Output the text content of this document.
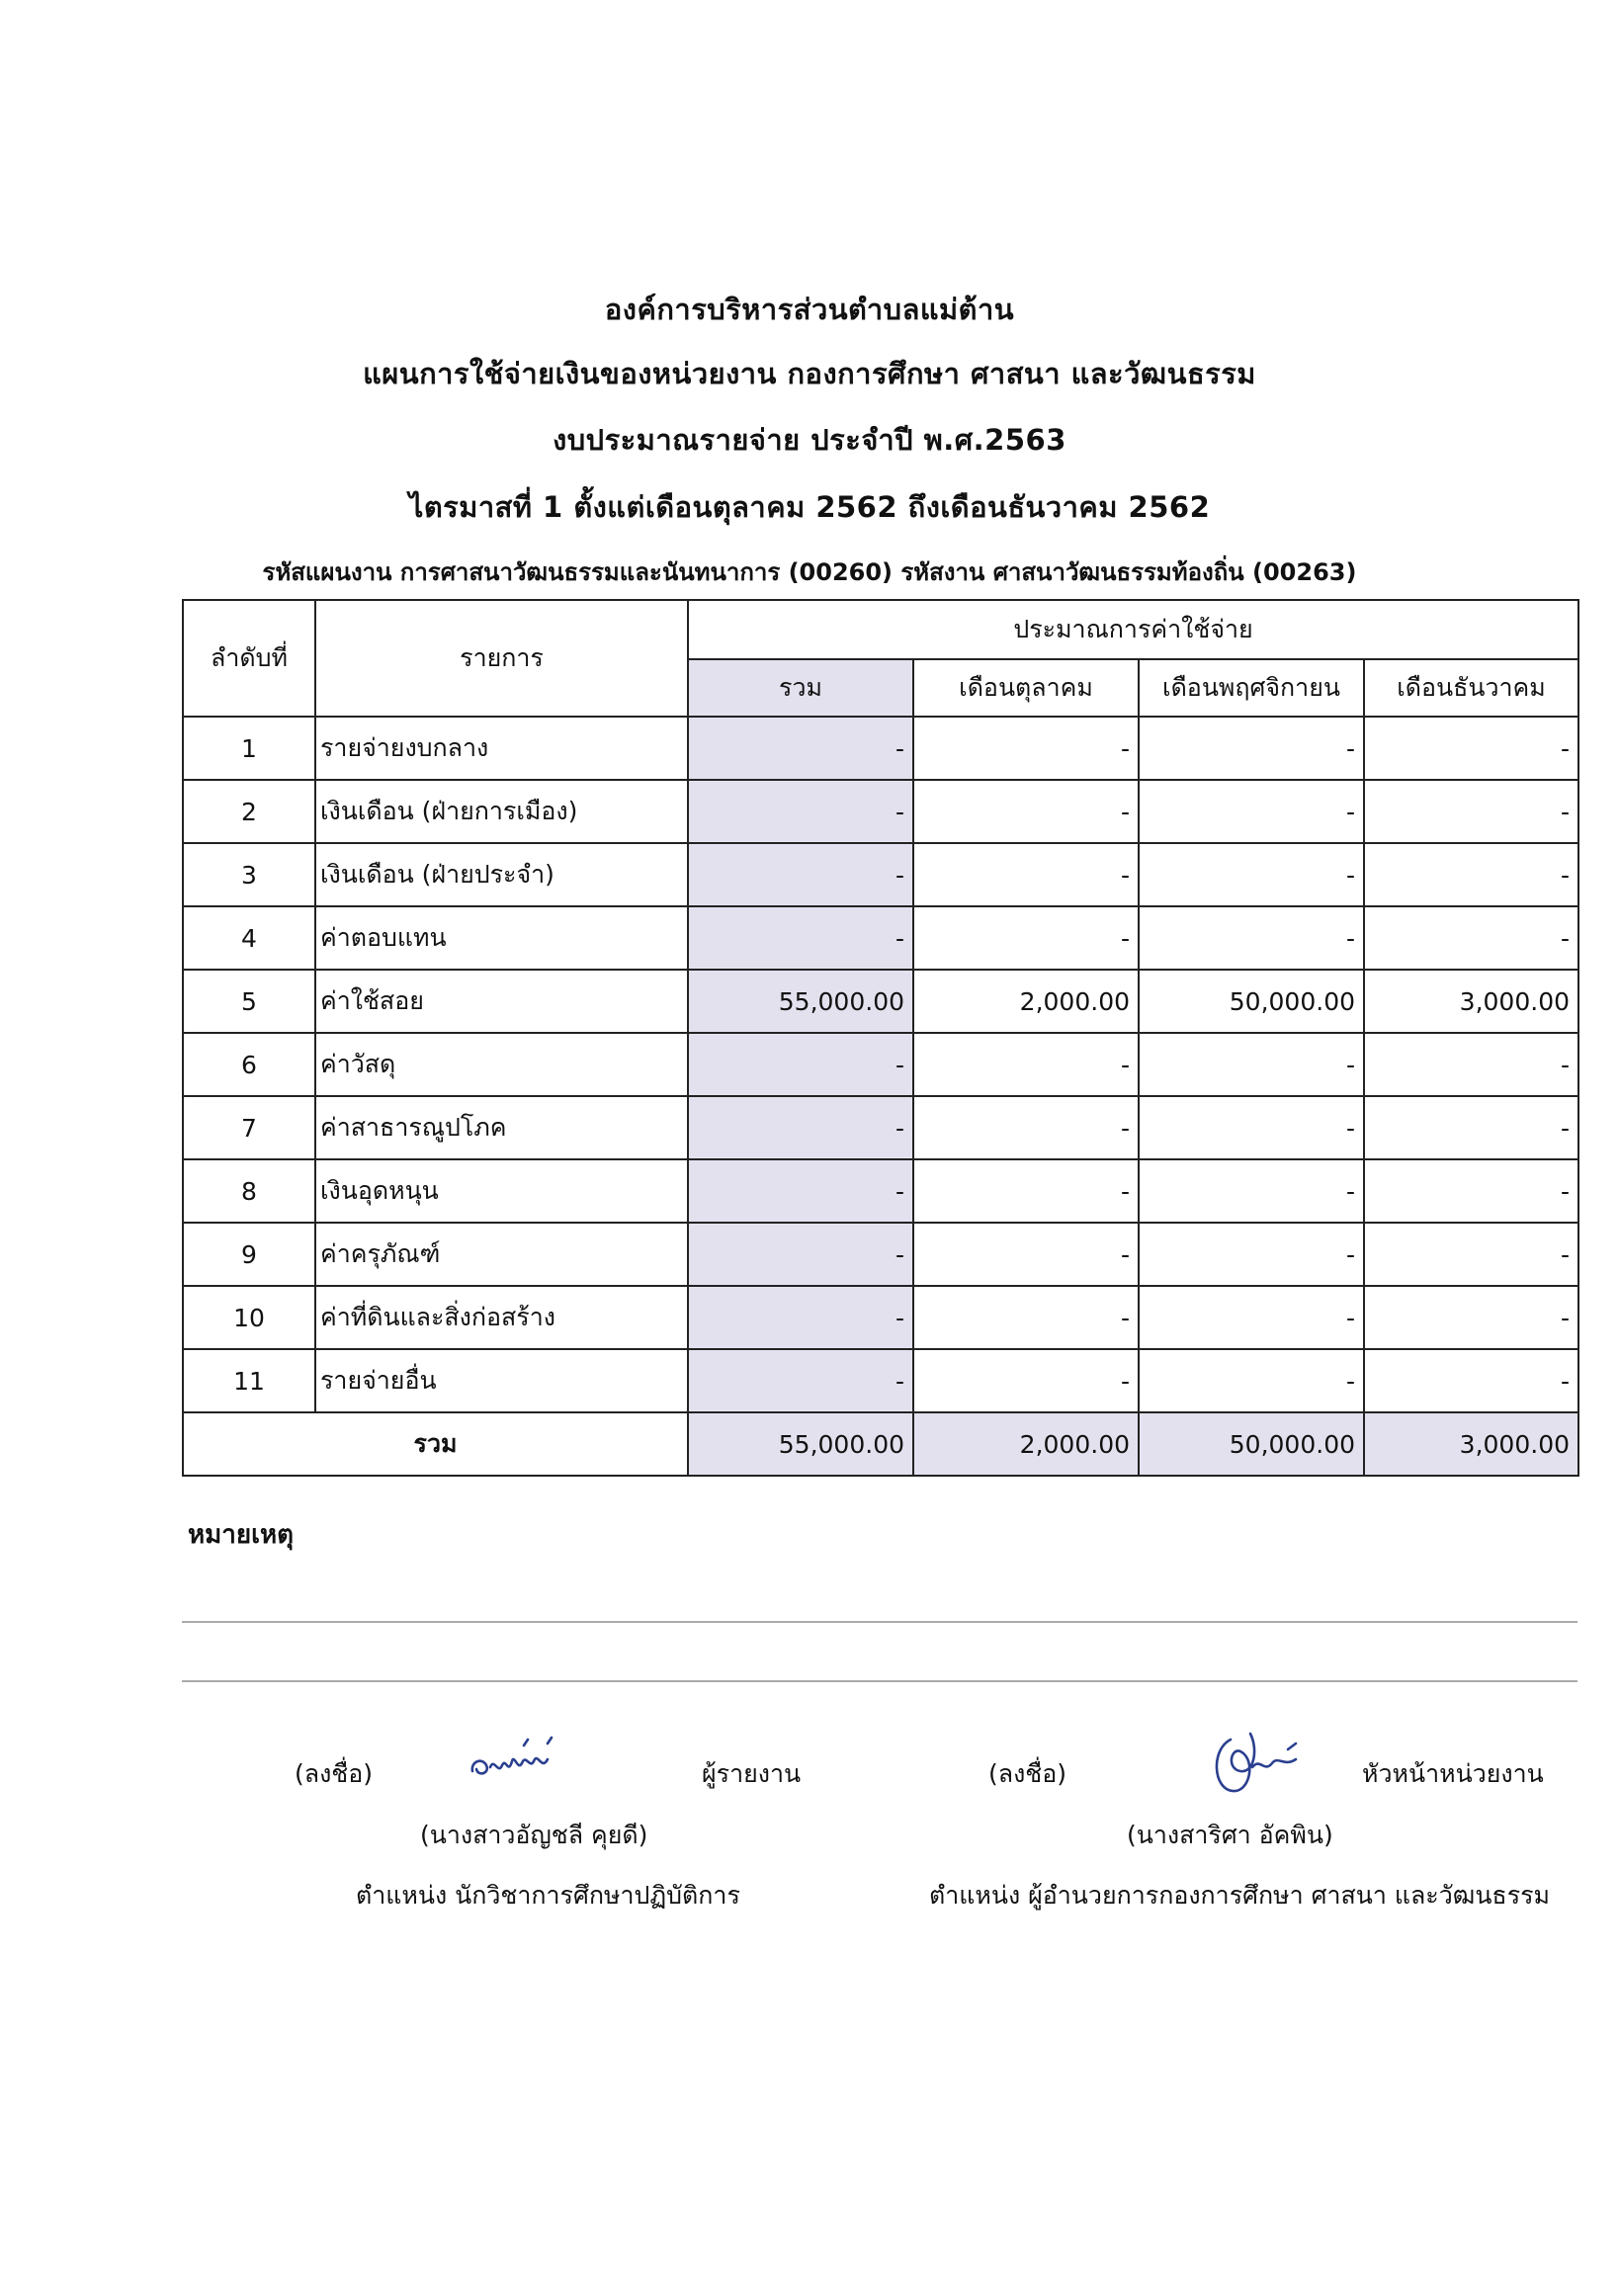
องค์การบริหารส่วนตำบลแม่ต้าน
แผนการใช้จ่ายเงินของหน่วยงาน กองการศึกษา ศาสนา และวัฒนธรรม
งบประมาณรายจ่าย ประจำปี พ.ศ.2563
ไตรมาสที่ 1 ตั้งแต่เดือนตุลาคม 2562 ถึงเดือนธันวาคม 2562
รหัสแผนงาน การศาสนาวัฒนธรรมและนันทนาการ (00260) รหัสงาน ศาสนาวัฒนธรรมท้องถิ่น (00263)
ลำดับที่	รายการ	ประมาณการค่าใช้จ่าย			
		รวม	เดือนตุลาคม	เดือนพฤศจิกายน	เดือนธันวาคม
1	รายจ่ายงบกลาง	-	-	-	-
2	เงินเดือน (ฝ่ายการเมือง)	-	-	-	-
3	เงินเดือน (ฝ่ายประจำ)	-	-	-	-
4	ค่าตอบแทน	-	-	-	-
5	ค่าใช้สอย	55,000.00	2,000.00	50,000.00	3,000.00
6	ค่าวัสดุ	-	-	-	-
7	ค่าสาธารณูปโภค	-	-	-	-
8	เงินอุดหนุน	-	-	-	-
9	ค่าครุภัณฑ์	-	-	-	-
10	ค่าที่ดินและสิ่งก่อสร้าง	-	-	-	-
11	รายจ่ายอื่น	-	-	-	-
รวม		55,000.00	2,000.00	50,000.00	3,000.00
หมายเหตุ
(ลงชื่อ)	ผู้รายงาน
(นางสาวอัญชลี คุยดี)
ตำแหน่ง นักวิชาการศึกษาปฏิบัติการ
(ลงชื่อ)	หัวหน้าหน่วยงาน
(นางสาริศา อัคพิน)
ตำแหน่ง ผู้อำนวยการกองการศึกษา ศาสนา และวัฒนธรรม
